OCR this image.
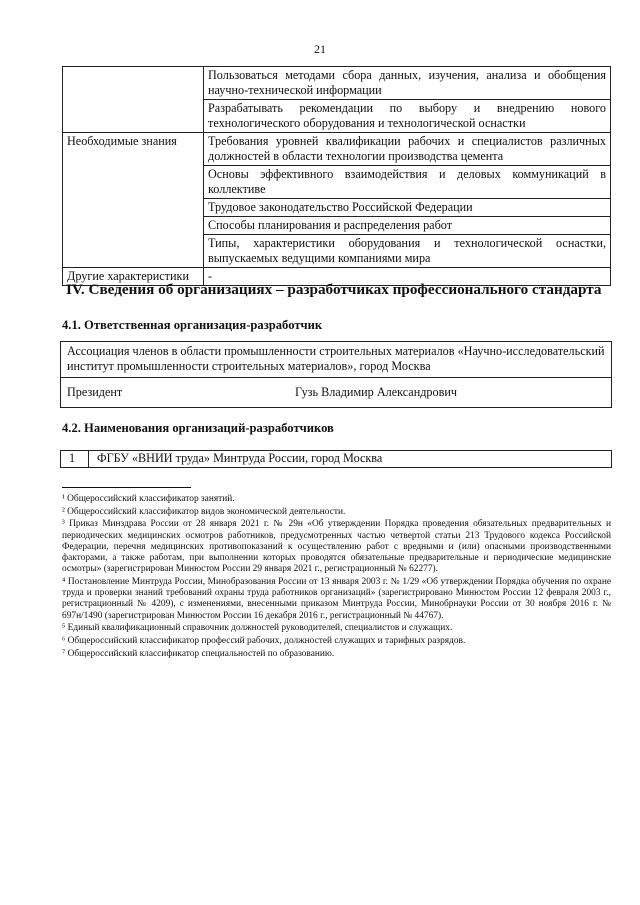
21
	Пользоваться методами сбора данных, изучения, анализа и обобщения научно-технической информации
	Разрабатывать рекомендации по выбору и внедрению нового технологического оборудования и технологической оснастки
Необходимые знания	Требования уровней квалификации рабочих и специалистов различных должностей в области технологии производства цемента
	Основы эффективного взаимодействия и деловых коммуникаций в коллективе
	Трудовое законодательство Российской Федерации
	Способы планирования и распределения работ
	Типы, характеристики оборудования и технологической оснастки, выпускаемых ведущими компаниями мира
Другие характеристики	-
IV. Сведения об организациях – разработчиках профессионального стандарта
4.1. Ответственная организация-разработчик
Ассоциация членов в области промышленности строительных материалов «Научно-исследовательский институт промышленности строительных материалов», город Москва
Президент	Гузь Владимир Александрович
4.2. Наименования организаций-разработчиков
1	ФГБУ «ВНИИ труда» Минтруда России, город Москва

¹ Общероссийский классификатор занятий.

² Общероссийский классификатор видов экономической деятельности.

³ Приказ Минздрава России от 28 января 2021 г. № 29н «Об утверждении Порядка проведения обязательных предварительных и периодических медицинских осмотров работников, предусмотренных частью четвертой статьи 213 Трудового кодекса Российской Федерации, перечня медицинских противопоказаний к осуществлению работ с вредными и (или) опасными производственными факторами, а также работам, при выполнении которых проводятся обязательные предварительные и периодические медицинские осмотры» (зарегистрирован Минюстом России 29 января 2021 г., регистрационный № 62277).

⁴ Постановление Минтруда России, Минобразования России от 13 января 2003 г. № 1/29 «Об утверждении Порядка обучения по охране труда и проверки знаний требований охраны труда работников организаций» (зарегистрировано Минюстом России 12 февраля 2003 г., регистрационный № 4209), с изменениями, внесенными приказом Минтруда России, Минобрнауки России от 30 ноября 2016 г. № 697н/1490 (зарегистрирован Минюстом России 16 декабря 2016 г., регистрационный № 44767).

⁵ Единый квалификационный справочник должностей руководителей, специалистов и служащих.

⁶ Общероссийский классификатор профессий рабочих, должностей служащих и тарифных разрядов.

⁷ Общероссийский классификатор специальностей по образованию.
